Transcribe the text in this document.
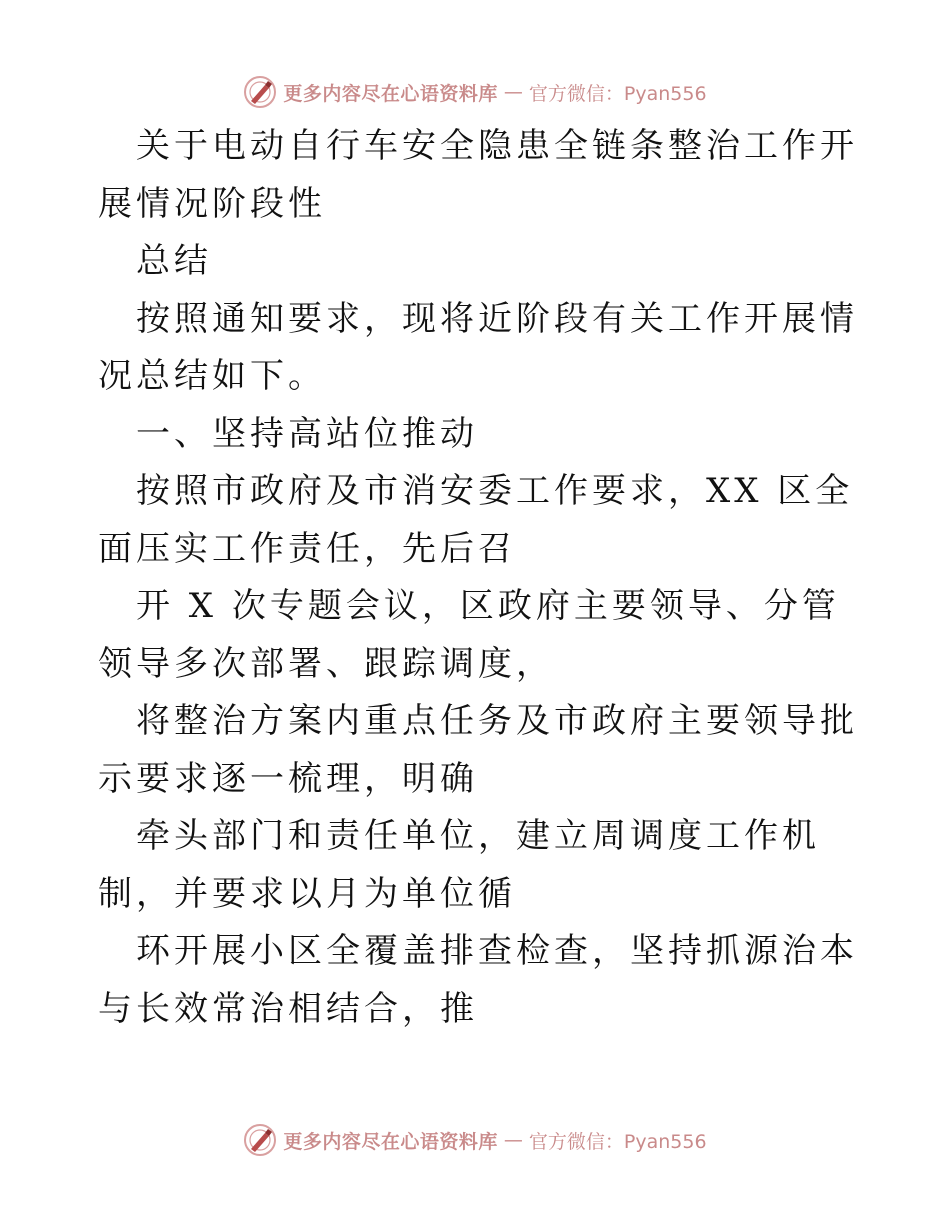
更多内容尽在心语资料库 — 官方微信：Pyan556

关于电动自行车安全隐患全链条整治工作开展情况阶段性

总结

按照通知要求，现将近阶段有关工作开展情况总结如下。

一、坚持高站位推动

按照市政府及市消安委工作要求，XX 区全面压实工作责任，先后召

开 X 次专题会议，区政府主要领导、分管领导多次部署、跟踪调度，

将整治方案内重点任务及市政府主要领导批示要求逐一梳理，明确

牵头部门和责任单位，建立周调度工作机制，并要求以月为单位循

环开展小区全覆盖排查检查，坚持抓源治本与长效常治相结合，推

更多内容尽在心语资料库 — 官方微信：Pyan556
